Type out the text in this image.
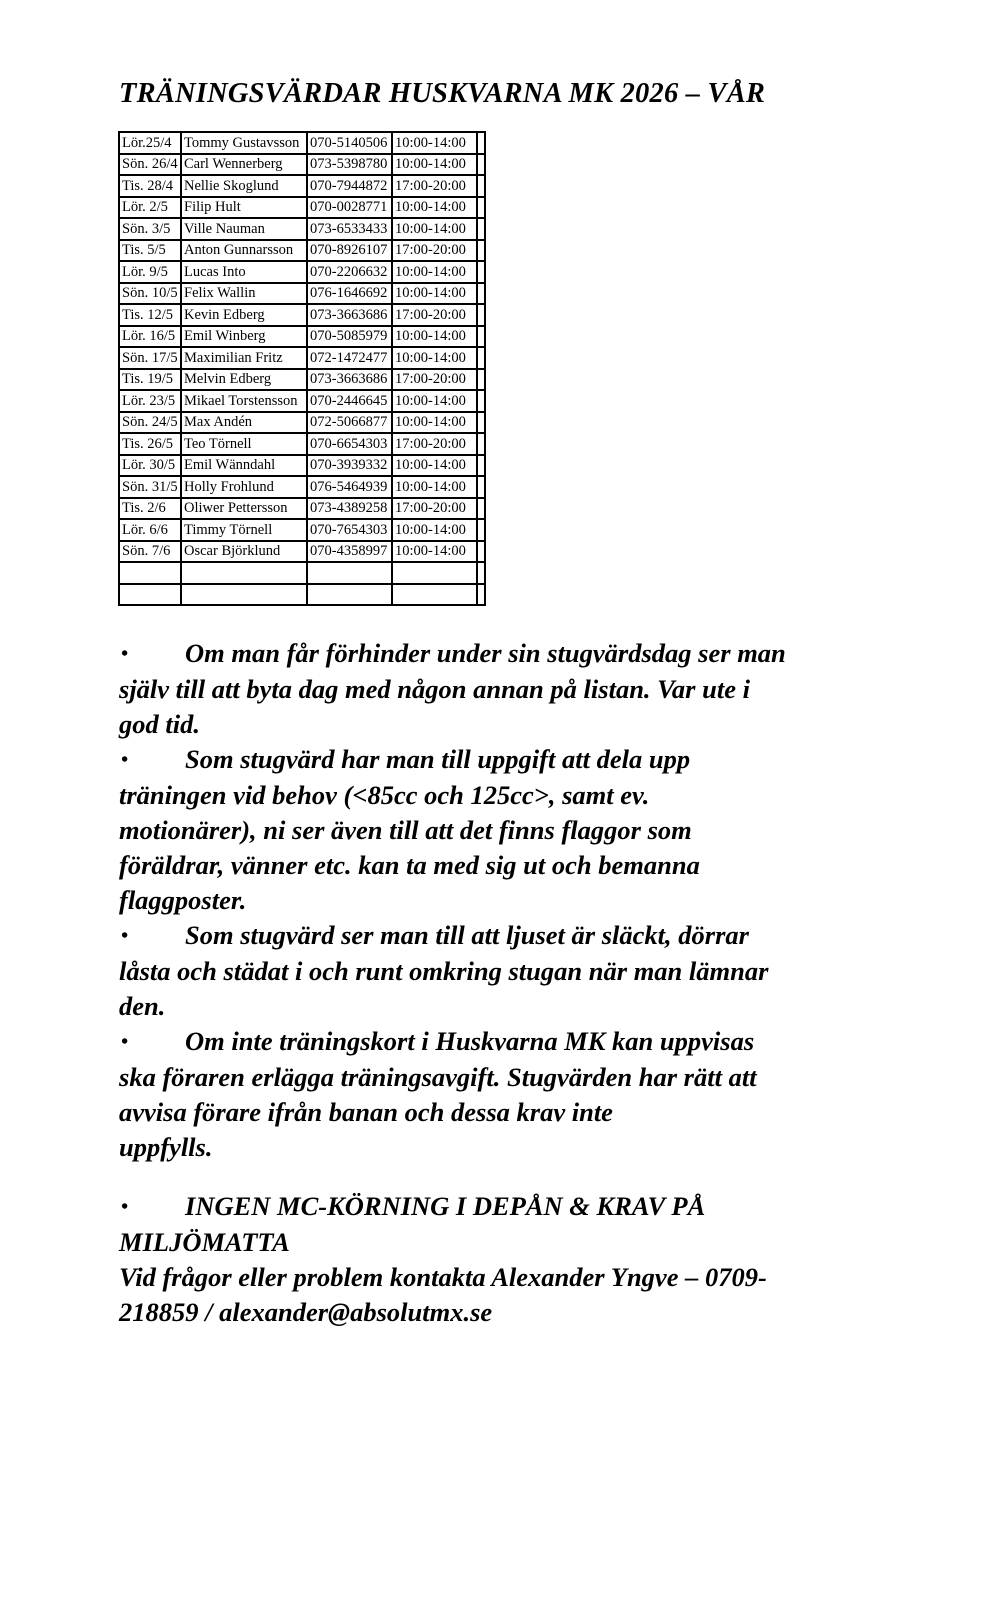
TRÄNINGSVÄRDAR HUSKVARNA MK 2026 – VÅR
Lör.25/4	Tommy Gustavsson	070-5140506	10:00-14:00	
Sön. 26/4	Carl Wennerberg	073-5398780	10:00-14:00	
Tis. 28/4	Nellie Skoglund	070-7944872	17:00-20:00	
Lör. 2/5	Filip Hult	070-0028771	10:00-14:00	
Sön. 3/5	Ville Nauman	073-6533433	10:00-14:00	
Tis. 5/5	Anton Gunnarsson	070-8926107	17:00-20:00	
Lör. 9/5	Lucas Into	070-2206632	10:00-14:00	
Sön. 10/5	Felix Wallin	076-1646692	10:00-14:00	
Tis. 12/5	Kevin Edberg	073-3663686	17:00-20:00	
Lör. 16/5	Emil Winberg	070-5085979	10:00-14:00	
Sön. 17/5	Maximilian Fritz	072-1472477	10:00-14:00	
Tis. 19/5	Melvin Edberg	073-3663686	17:00-20:00	
Lör. 23/5	Mikael Torstensson	070-2446645	10:00-14:00	
Sön. 24/5	Max Andén	072-5066877	10:00-14:00	
Tis. 26/5	Teo Törnell	070-6654303	17:00-20:00	
Lör. 30/5	Emil Wänndahl	070-3939332	10:00-14:00	
Sön. 31/5	Holly Frohlund	076-5464939	10:00-14:00	
Tis. 2/6	Oliwer Pettersson	073-4389258	17:00-20:00	
Lör. 6/6	Timmy Törnell	070-7654303	10:00-14:00	
Sön. 7/6	Oscar Björklund	070-4358997	10:00-14:00	

• Om man får förhinder under sin stugvärdsdag ser man
själv till att byta dag med någon annan på listan. Var ute i
god tid.
• Som stugvärd har man till uppgift att dela upp
träningen vid behov (<85cc och 125cc>, samt ev.
motionärer), ni ser även till att det finns flaggor som
föräldrar, vänner etc. kan ta med sig ut och bemanna
flaggposter.
• Som stugvärd ser man till att ljuset är släckt, dörrar
låsta och städat i och runt omkring stugan när man lämnar
den.
• Om inte träningskort i Huskvarna MK kan uppvisas
ska föraren erlägga träningsavgift. Stugvärden har rätt att
avvisa förare ifrån banan och dessa krav inte
uppfylls.
• INGEN MC-KÖRNING I DEPÅN & KRAV PÅ
MILJÖMATTA
Vid frågor eller problem kontakta Alexander Yngve – 0709-
218859 / alexander@absolutmx.se
